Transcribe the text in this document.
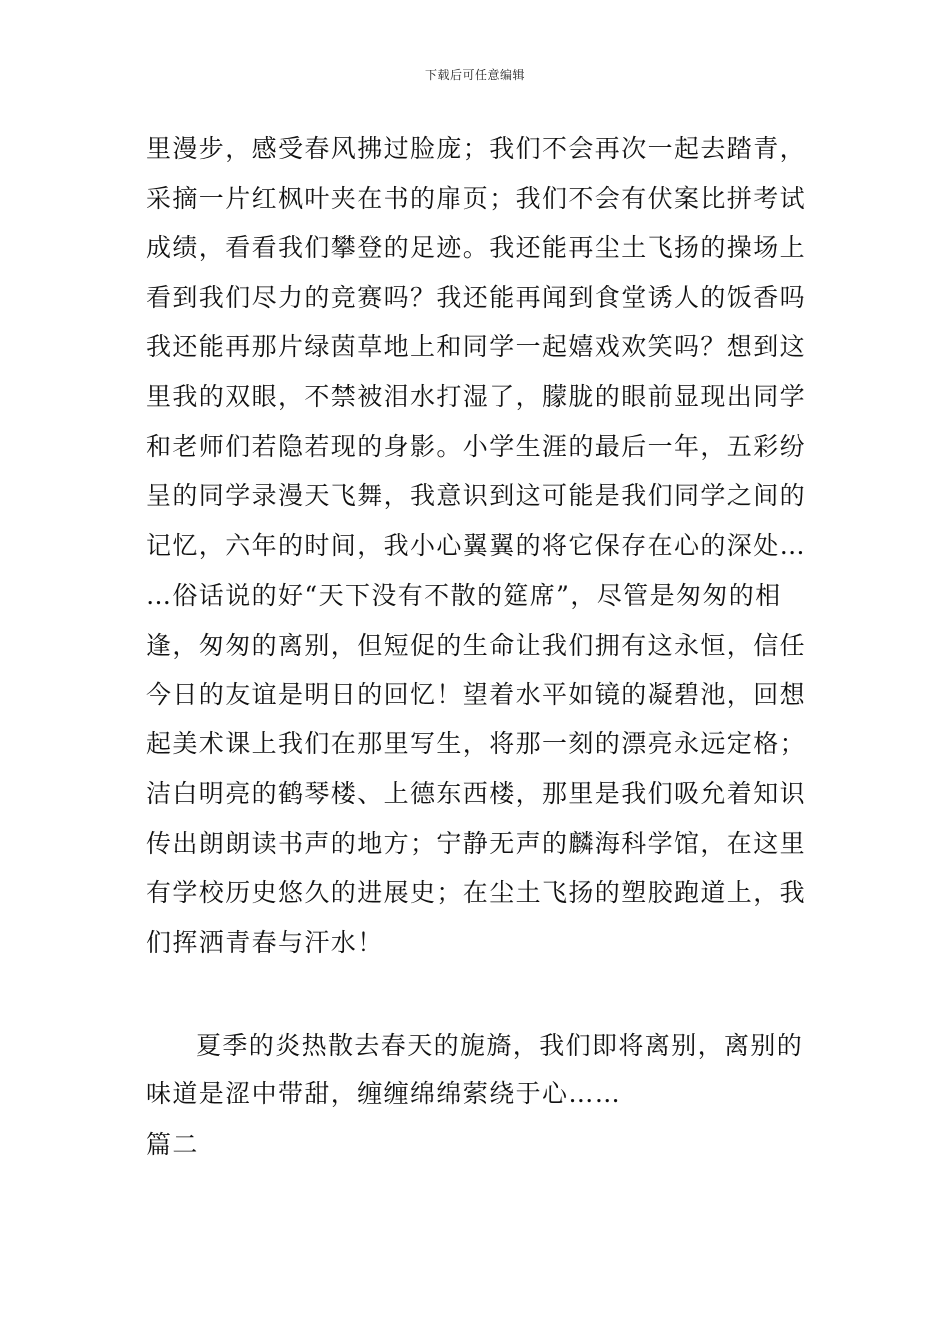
下载后可任意编辑
里漫步，感受春风拂过脸庞；我们不会再次一起去踏青，
采摘一片红枫叶夹在书的扉页；我们不会有伏案比拼考试
成绩，看看我们攀登的足迹。我还能再尘土飞扬的操场上
看到我们尽力的竞赛吗？我还能再闻到食堂诱人的饭香吗
我还能再那片绿茵草地上和同学一起嬉戏欢笑吗？想到这
里我的双眼，不禁被泪水打湿了，朦胧的眼前显现出同学
和老师们若隐若现的身影。小学生涯的最后一年，五彩纷
呈的同学录漫天飞舞，我意识到这可能是我们同学之间的
记忆，六年的时间，我小心翼翼的将它保存在心的深处…
…俗话说的好“天下没有不散的筵席”，尽管是匆匆的相
逢，匆匆的离别，但短促的生命让我们拥有这永恒，信任
今日的友谊是明日的回忆！望着水平如镜的凝碧池，回想
起美术课上我们在那里写生，将那一刻的漂亮永远定格；
洁白明亮的鹤琴楼、上德东西楼，那里是我们吸允着知识
传出朗朗读书声的地方；宁静无声的麟海科学馆，在这里
有学校历史悠久的进展史；在尘土飞扬的塑胶跑道上，我
们挥洒青春与汗水！
夏季的炎热散去春天的旎旖，我们即将离别，离别的
味道是涩中带甜，缠缠绵绵萦绕于心……
篇二
